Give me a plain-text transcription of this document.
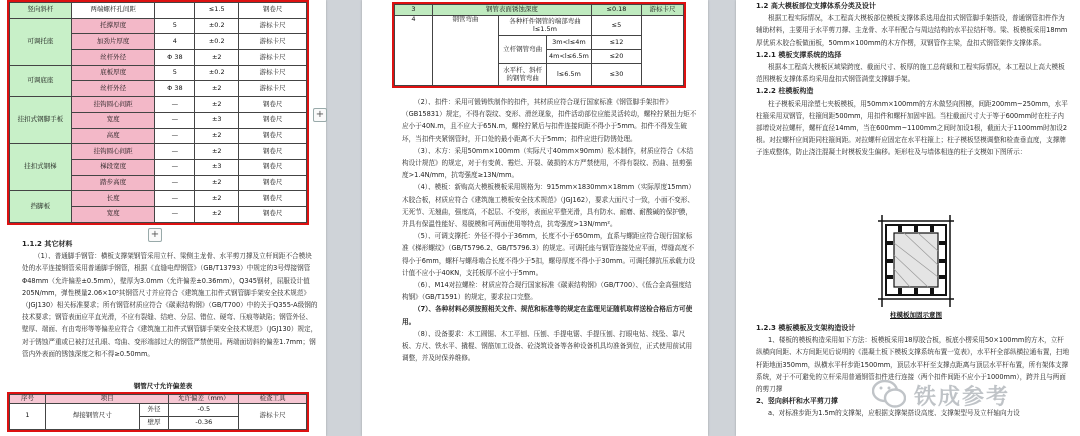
竖向斜杆	两端螺杆孔间距		≤1.5	钢卷尺
可调托座	托撑厚度	5	±0.2	游标卡尺
	加劲片厚度	4	±0.2	游标卡尺
	丝杆外径	Φ 38	±2	游标卡尺
可调底座	底板厚度	5	±0.2	游标卡尺
	丝杆外径	Φ 38	±2	游标卡尺
挂扣式钢脚手板	挂钩圆心间距	—	±2	钢卷尺
	宽度	—	±3	钢卷尺
	高度	—	±2	钢卷尺
挂扣式钢梯	挂钩圆心间距	—	±2	钢卷尺
	梯段宽度	—	±3	钢卷尺
	踏步高度	—	±2	钢卷尺
挡脚板	长度	—	±2	钢卷尺
	宽度	—	±2	钢卷尺
+
1.1.2 其它材料

（1）、普通脚手钢管：横板支撑架钢管采用立杆、梁侧主龙骨、水平剪刀撑及立杆间距不合模块处的水平连接钢管采用普通脚手钢管，根据《直缝电焊钢管》（GB/T13793）中规定的3号焊接钢管Φ48mm（允许偏差±0.5mm），壁厚为3.0mm（允许偏差±0.36mm），Q345钢材，屈服设计值205N/mm，弹性模量2.06×10⁵其钢管尺寸并应符合《建筑施工扣件式钢管脚手架安全技术规范》（JGJ130）相关标准要求；所有钢管材质应符合《碳素结构钢》（GB/T700）中的关于Q355-A级钢的技术要求；钢管表面应平直光滑，不应有裂缝、结疤、分层、错位、硬弯、压痕等缺陷；钢管外径、壁厚、端面、有由弯形等等偏差应符合《建筑施工扣件式钢管脚手架安全技术规范》（JGJ130）规定，对于锈蚀严重或已被打过孔眼、弯曲、变形端部过大的钢管严禁使用。两端面切斜的偏差1.7mm；钢管内外表面的锈蚀深度之和不得≥0.50mm。

钢管尺寸允许偏差表
序号	项目		允许偏差（mm）	检查工具
1	焊接钢管尺寸	外径	-0.5	游标卡尺
		壁厚	-0.36	
+
3	钢管表面锈蚀深度			≤0.18	游标卡尺
4	钢管弯曲	各种杆件钢管的端部弯曲 l≤1.5m		≤5	
		立杆钢管弯曲	3m<l≤4m	≤12	
			4m<l≤6.5m	≤20	
		水平杆、斜杆的钢管弯曲	l≤6.5m	≤30	

（2）、扣件：采用可锻铸铁制作的扣件，其材质应符合现行国家标准《钢管脚手架扣件》（GB15831）规定，不得有裂纹、变形、滑丝现象，扣件活动部位应能灵活转动，螺栓拧紧扭力矩不应小于40N.m，且不应大于65N.m，螺栓拧紧后与扣件连接间距不得小于5mm。扣件不得发生破坏，当扣件夹紧钢管时，开口处的最小距离不大于5mm；扣件应进行防锈处理。

（3）、木方：采用50mm×100mm（实际尺寸40mm×90mm）松木制作，材质应符合《木结构设计规范》的规定，对于有变黄、霉烂、开裂、破损的木方严禁使用，不得有裂纹、拐曲、扭剪强度>1.4N/mm，抗弯强度≥13N/mm。

（4）、模板：新购高大模板模板采用规格为：915mm×1830mm×18mm（实际厚度15mm）木胶合板，材质应符合《建筑施工模板安全技术规范》（JGJ162），要求大面尺寸一致，小面不变形、无死节、无翘曲，强度高，不起层、不变形，表面应平整光滑，具有防水、耐磨、耐酸碱的保护膜，并具有保温性能好、易脱模和可两面使用等特点，抗弯强度>13N/mm²。

（5）、可调支撑托：外径不得小于36mm，长度不小于650mm，直系与螺距应符合现行国家标准《梯形螺纹》（GB/T5796.2、GB/T5796.3）的规定。可调托座与钢管连接处应平面，焊缝高度不得小于6mm，螺杆与螺母啮合长度不得少于5扣，螺母厚度不得小于30mm。可调托撑抗压承载力设计值不应小于40KN，支托板厚不应小于5mm。

（6）、M14对拉螺栓：材质应符合现行国家标准《碳素结构钢》（GB/T700）、《低合金高强度结构钢》（GB/T1591）的规定，要求拉口完整。

（7）、各种材料必须按照相关文件、规范和标准等的规定在监理见证随机取样送检合格后方可使用。

（8）、设备要求：木工圆锯、木工平刨、压刨、手提电锯、手提压刨、打眼电钻、线坠、靠尺板、方尺、铁水平、撬棍、钢筋加工设备、砼浇筑设备等各种设备机具均准备到位，正式使用前试用调整，并及时保养维修。

1.2 高大模板部位支撑体系分类及设计

根据工程实际情况，本工程高大模板部位模板支撑体系选用盘扣式钢管脚手架搭设，普通钢管扣件作为辅助材料，主要用于水平剪刀撑、主龙骨、水平杆配合与周边结构的水平拉结杆等。梁、板模板采用18mm厚优质木胶合板做面板，50mm×100mm的木方作楞，双钢管作主梁，盘扣式钢管架作支撑体系。

1.2.1 模板支撑系统的选择

根据本工程高大模板区域梁跨度、截面尺寸、板厚的施工总荷载和工程实际情况，本工程以上高大模板范围模板支撑体系均采用盘扣式钢管满堂支撑脚手架。

1.2.2 柱模板构造

柱子模板采用涂塑七夹板模板，用50mm×100mm的方木做竖向围檩，间距200mm~250mm，水平柱箍采用双钢管，柱箍间距500mm，用扣件和螺杆加固牢固。当柱截面尺寸大于等于600mm时在柱子内部增设对拉螺杆，螺杆直径14mm，当在600mm~1100mm之间时加设1根，截面大于1100mm时加设2根。对拉螺杆应间距同柱箍间距。对拉螺杆应固定在水平柱箍上；柱子模板竖模调整和检查垂直度，支撑牌子连成整体，防止浇注混凝土时模板发生偏移。矩形柱及与墙体相连的柱子支模如下图所示：

柱模板加固示意图
1.2.3 模板模板及支架构造设计

1、楼板的模板构造采用如下方法：板模板采用18厚胶合板，板底小楞采用50×100mm的方木，立杆纵横向间距、木方间距见后说明的《混凝土板下模板支撑系统布置一览表》，水平杆全部纵横拉通布置，扫地杆距地面350mm，纵横水平杆步距1500mm，顶层水平杆至支撑点距离与顶层水平杆布置，所有架体支撑系统，对于不可避免的立杆采用普通钢管扣件进行连接（两个扣件间距不应小于1000mm），跨并且与两面的剪刀撑

2、竖向斜杆和水平剪刀撑

a、对标准步距为1.5m的支撑架，应根据支撑架搭设高度、支撑架型号及立杆轴向力设

铁成参考
